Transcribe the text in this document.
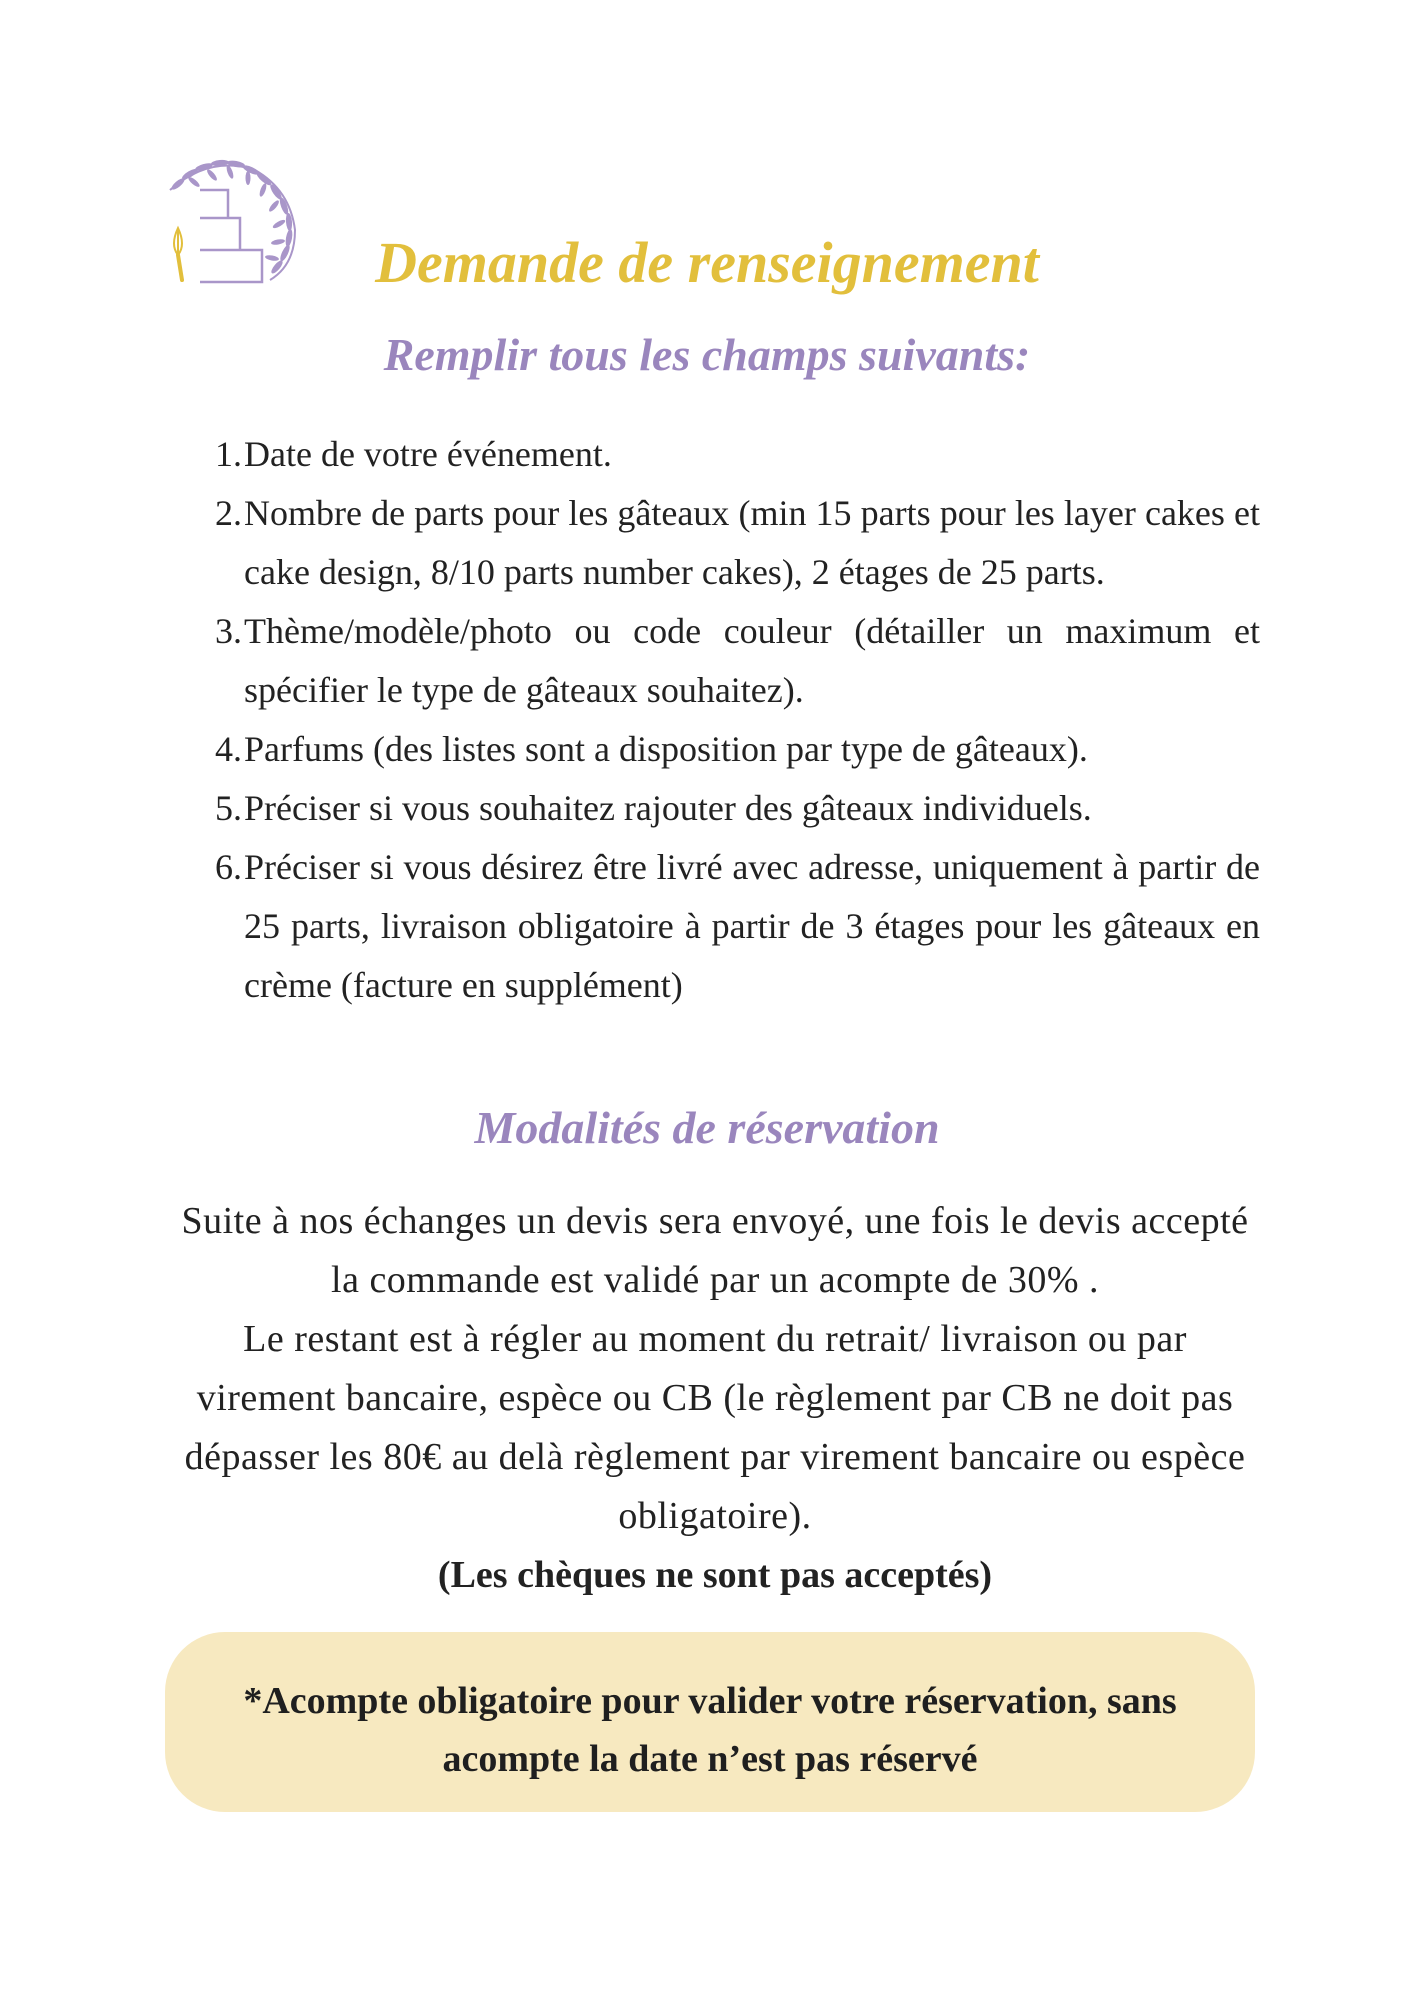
Demande de renseignement
Remplir tous les champs suivants:
1. Date de votre événement.
2. Nombre de parts pour les gâteaux (min 15 parts pour les layer cakes et cake design, 8/10 parts number cakes), 2 étages de 25 parts.
3. Thème/modèle/photo ou code couleur (détailler un maximum et spécifier le type de gâteaux souhaitez).
4. Parfums (des listes sont a disposition par type de gâteaux).
5. Préciser si vous souhaitez rajouter des gâteaux individuels.
6. Préciser si vous désirez être livré avec adresse, uniquement à partir de 25 parts, livraison obligatoire à partir de 3 étages pour les gâteaux en crème (facture en supplément)
Modalités de réservation

Suite à nos échanges un devis sera envoyé, une fois le devis accepté la commande est validé par un acompte de 30% .

Le restant est à régler au moment du retrait/ livraison ou par virement bancaire, espèce ou CB (le règlement par CB ne doit pas dépasser les 80€ au delà règlement par virement bancaire ou espèce obligatoire).

(Les chèques ne sont pas acceptés)

*Acompte obligatoire pour valider votre réservation, sans acompte la date n’est pas réservé
